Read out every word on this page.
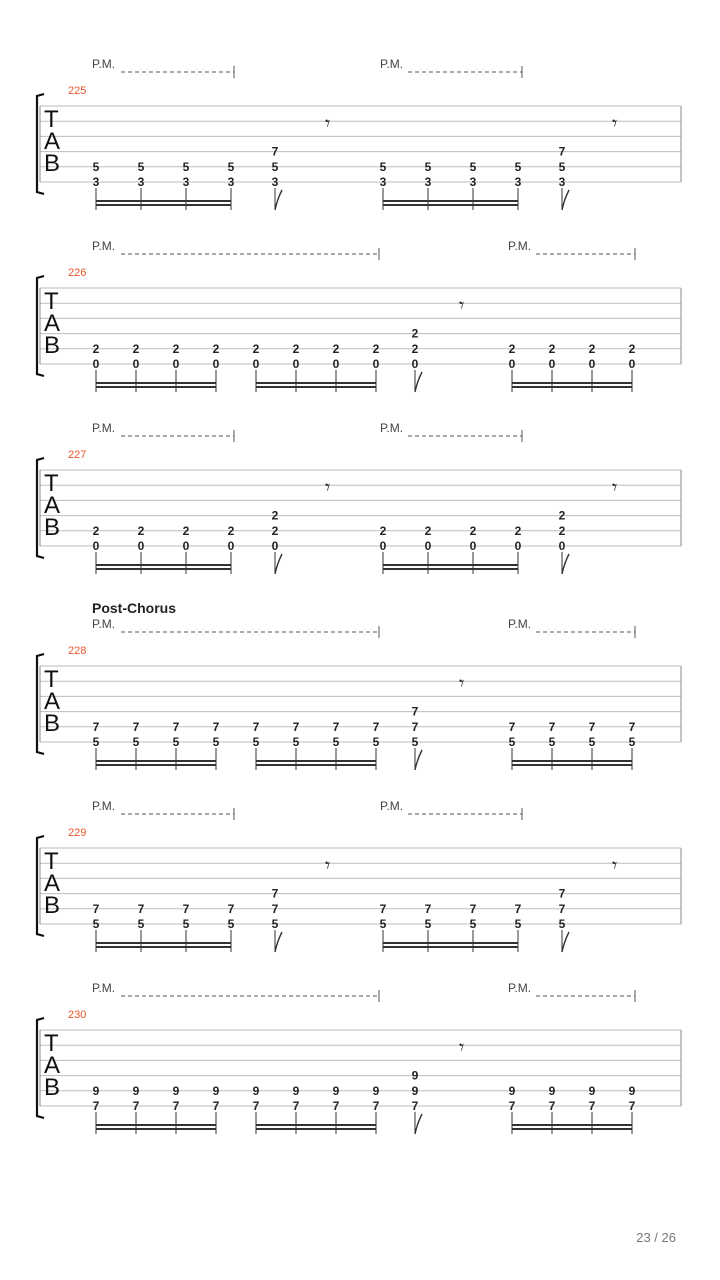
P.M.	P.M.
225
T
A
B	5
3
5
3
5
3
5
3
7
5
3
𝄾
5
3
5
3
5
3
5
3
7
5
3
𝄾
P.M.	P.M.
226
T
A
B	2
0
2
0
2
0
2
0
2
0
2
0
2
0
2
0
2
2
0
𝄾
2
0
2
0
2
0
2
0
P.M.	P.M.
227
T
A
B	2
0
2
0
2
0
2
0
2
2
0
𝄾
2
0
2
0
2
0
2
0
2
2
0
𝄾
Post-Chorus
P.M.	P.M.
228
T
A
B	7
5
7
5
7
5
7
5
7
5
7
5
7
5
7
5
7
7
5
𝄾
7
5
7
5
7
5
7
5
P.M.	P.M.
229
T
A
B	7
5
7
5
7
5
7
5
7
7
5
𝄾
7
5
7
5
7
5
7
5
7
7
5
𝄾
P.M.	P.M.
230
T
A
B	9
7
9
7
9
7
9
7
9
7
9
7
9
7
9
7
9
9
7
𝄾
9
7
9
7
9
7
9
7
23 / 26
